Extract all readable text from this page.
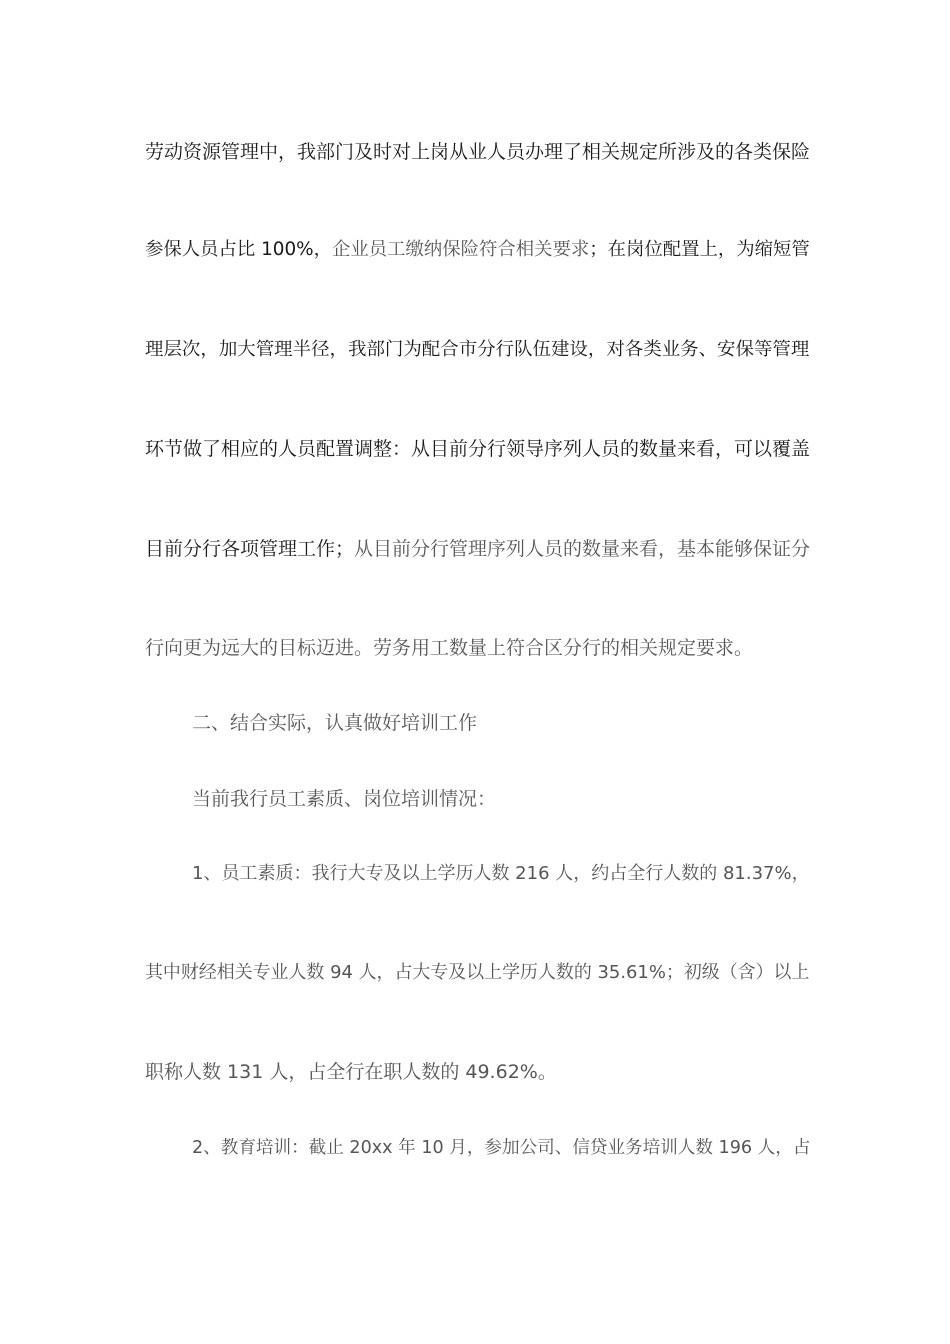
劳动资源管理中，我部门及时对上岗从业人员办理了相关规定所涉及的各类保险
参保人员占比 100%，企业员工缴纳保险符合相关要求；在岗位配置上，为缩短管
理层次，加大管理半径，我部门为配合市分行队伍建设，对各类业务、安保等管理
环节做了相应的人员配置调整：从目前分行领导序列人员的数量来看，可以覆盖
目前分行各项管理工作；从目前分行管理序列人员的数量来看，基本能够保证分
行向更为远大的目标迈进。劳务用工数量上符合区分行的相关规定要求。
二、结合实际，认真做好培训工作
当前我行员工素质、岗位培训情况：
1、员工素质：我行大专及以上学历人数 216 人，约占全行人数的 81.37%，
其中财经相关专业人数 94 人，占大专及以上学历人数的 35.61%；初级（含）以上
职称人数 131 人，占全行在职人数的 49.62%。
2、教育培训：截止 20xx 年 10 月，参加公司、信贷业务培训人数 196 人，占
